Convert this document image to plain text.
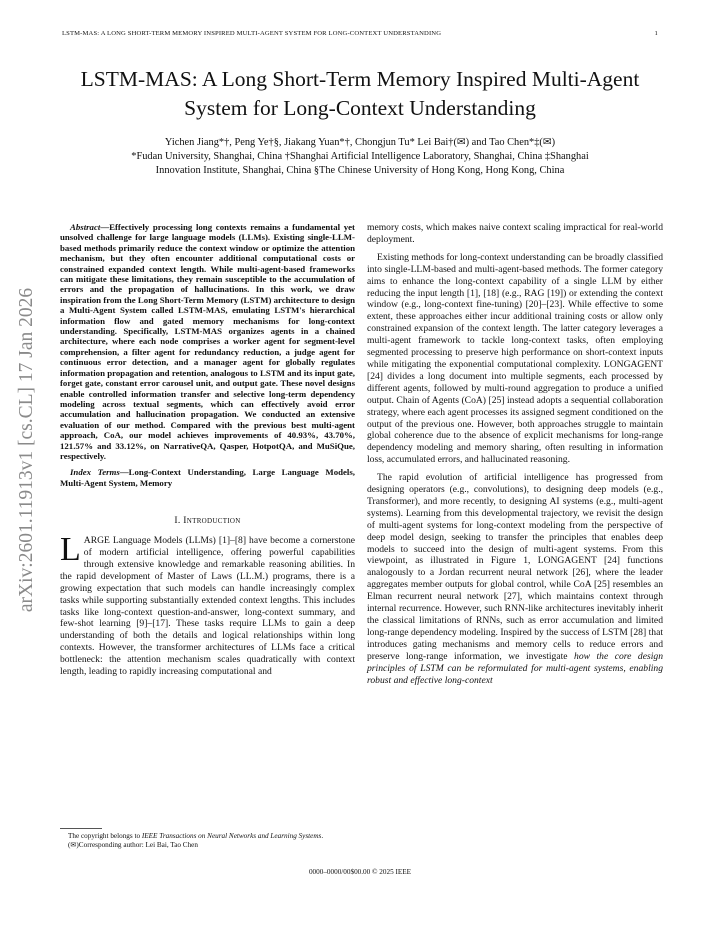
LSTM-MAS: A LONG SHORT-TERM MEMORY INSPIRED MULTI-AGENT SYSTEM FOR LONG-CONTEXT UNDERSTANDING	1
LSTM-MAS: A Long Short-Term Memory Inspired Multi-Agent
System for Long-Context Understanding
Yichen Jiang*†, Peng Ye†§, Jiakang Yuan*†, Chongjun Tu* Lei Bai†(✉) and Tao Chen*‡(✉)
*Fudan University, Shanghai, China †Shanghai Artificial Intelligence Laboratory, Shanghai, China ‡Shanghai
Innovation Institute, Shanghai, China §The Chinese University of Hong Kong, Hong Kong, China
arXiv:2601.11913v1 [cs.CL] 17 Jan 2026

Abstract—Effectively processing long contexts remains a fundamental yet unsolved challenge for large language models (LLMs). Existing single-LLM-based methods primarily reduce the context window or optimize the attention mechanism, but they often encounter additional computational costs or constrained expanded context length. While multi-agent-based frameworks can mitigate these limitations, they remain susceptible to the accumulation of errors and the propagation of hallucinations. In this work, we draw inspiration from the Long Short-Term Memory (LSTM) architecture to design a Multi-Agent System called LSTM-MAS, emulating LSTM's hierarchical information flow and gated memory mechanisms for long-context understanding. Specifically, LSTM-MAS organizes agents in a chained architecture, where each node comprises a worker agent for segment-level comprehension, a filter agent for redundancy reduction, a judge agent for continuous error detection, and a manager agent for globally regulates information propagation and retention, analogous to LSTM and its input gate, forget gate, constant error carousel unit, and output gate. These novel designs enable controlled information transfer and selective long-term dependency modeling across textual segments, which can effectively avoid error accumulation and hallucination propagation. We conducted an extensive evaluation of our method. Compared with the previous best multi-agent approach, CoA, our model achieves improvements of 40.93%, 43.70%, 121.57% and 33.12%, on NarrativeQA, Qasper, HotpotQA, and MuSiQue, respectively.

Index Terms—Long-Context Understanding, Large Language Models, Multi-Agent System, Memory

I. Introduction

LARGE Language Models (LLMs) [1]–[8] have become a cornerstone of modern artificial intelligence, offering powerful capabilities through extensive knowledge and remarkable reasoning abilities. In the rapid development of Master of Laws (LL.M.) programs, there is a growing expectation that such models can handle increasingly complex tasks while supporting substantially extended context lengths. This includes tasks like long-context question-and-answer, long-context summary, and few-shot learning [9]–[17]. These tasks require LLMs to gain a deep understanding of both the details and logical relationships within long contexts. However, the transformer architectures of LLMs face a critical bottleneck: the attention mechanism scales quadratically with context length, leading to rapidly increasing computational and

The copyright belongs to IEEE Transactions on Neural Networks and Learning Systems.

(✉)Corresponding author: Lei Bai, Tao Chen

memory costs, which makes naive context scaling impractical for real-world deployment.

Existing methods for long-context understanding can be broadly classified into single-LLM-based and multi-agent-based methods. The former category aims to enhance the long-context capability of a single LLM by either reducing the input length [1], [18] (e.g., RAG [19]) or extending the context window (e.g., long-context fine-tuning) [20]–[23]. While effective to some extent, these approaches either incur additional training costs or allow only constrained expansion of the context length. The latter category leverages a multi-agent framework to tackle long-context tasks, often employing segmented processing to preserve high performance on short-context inputs while mitigating the exponential computational complexity. LONGAGENT [24] divides a long document into multiple segments, each processed by different agents, followed by multi-round aggregation to produce a unified output. Chain of Agents (CoA) [25] instead adopts a sequential collaboration strategy, where each agent processes its assigned segment conditioned on the output of the previous one. However, both approaches struggle to maintain global coherence due to the absence of explicit mechanisms for long-range dependency modeling and memory sharing, often resulting in information loss, accumulated errors, and hallucinated reasoning.

The rapid evolution of artificial intelligence has progressed from designing operators (e.g., convolutions), to designing deep models (e.g., Transformer), and more recently, to designing AI systems (e.g., multi-agent systems). Learning from this developmental trajectory, we revisit the design of multi-agent systems for long-context modeling from the perspective of deep model design, seeking to transfer the principles that enables deep models to succeed into the design of multi-agent systems. From this viewpoint, as illustrated in Figure 1, LONGAGENT [24] functions analogously to a Jordan recurrent neural network [26], where the leader aggregates member outputs for global control, while CoA [25] resembles an Elman recurrent neural network [27], which maintains context through internal recurrence. However, such RNN-like architectures inevitably inherit the classical limitations of RNNs, such as error accumulation and limited long-range dependency modeling. Inspired by the success of LSTM [28] that introduces gating mechanisms and memory cells to reduce errors and preserve long-range information, we investigate how the core design principles of LSTM can be reformulated for multi-agent systems, enabling robust and effective long-context

0000–0000/00$00.00 © 2025 IEEE
